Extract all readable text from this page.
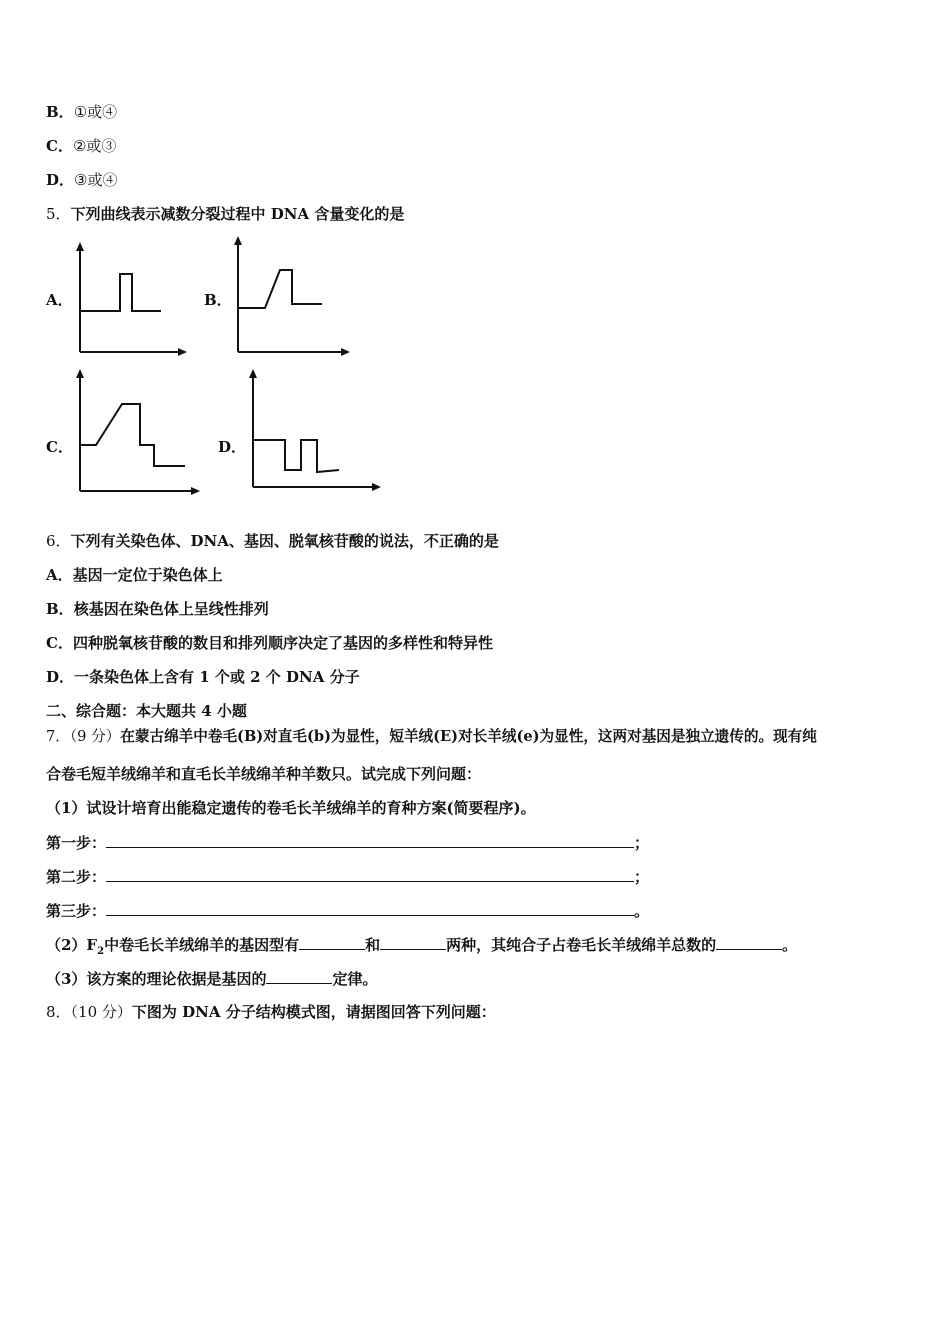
B．①或④
C．②或③
D．③或④
5．下列曲线表示减数分裂过程中 DNA 含量变化的是
A．	B．
C．	D．
6．下列有关染色体、DNA、基因、脱氧核苷酸的说法，不正确的是
A．基因一定位于染色体上
B．核基因在染色体上呈线性排列
C．四种脱氧核苷酸的数目和排列顺序决定了基因的多样性和特异性
D．一条染色体上含有 1 个或 2 个 DNA 分子
二、综合题：本大题共 4 小题
7．（9 分）在蒙古绵羊中卷毛(B)对直毛(b)为显性，短羊绒(E)对长羊绒(e)为显性，这两对基因是独立遗传的。现有纯
合卷毛短羊绒绵羊和直毛长羊绒绵羊种羊数只。试完成下列问题：
（1）试设计培育出能稳定遗传的卷毛长羊绒绵羊的育种方案(简要程序)。
第一步：	；
第二步：	；
第三步：	。
$(2)F_2$中卷毛长羊绒绵羊的基因型有	和	两种，其纯合子占卷毛长羊绒绵羊总数的	。
（3）该方案的理论依据是基因的	定律。
8．（10 分）下图为 DNA 分子结构模式图，请据图回答下列问题：
